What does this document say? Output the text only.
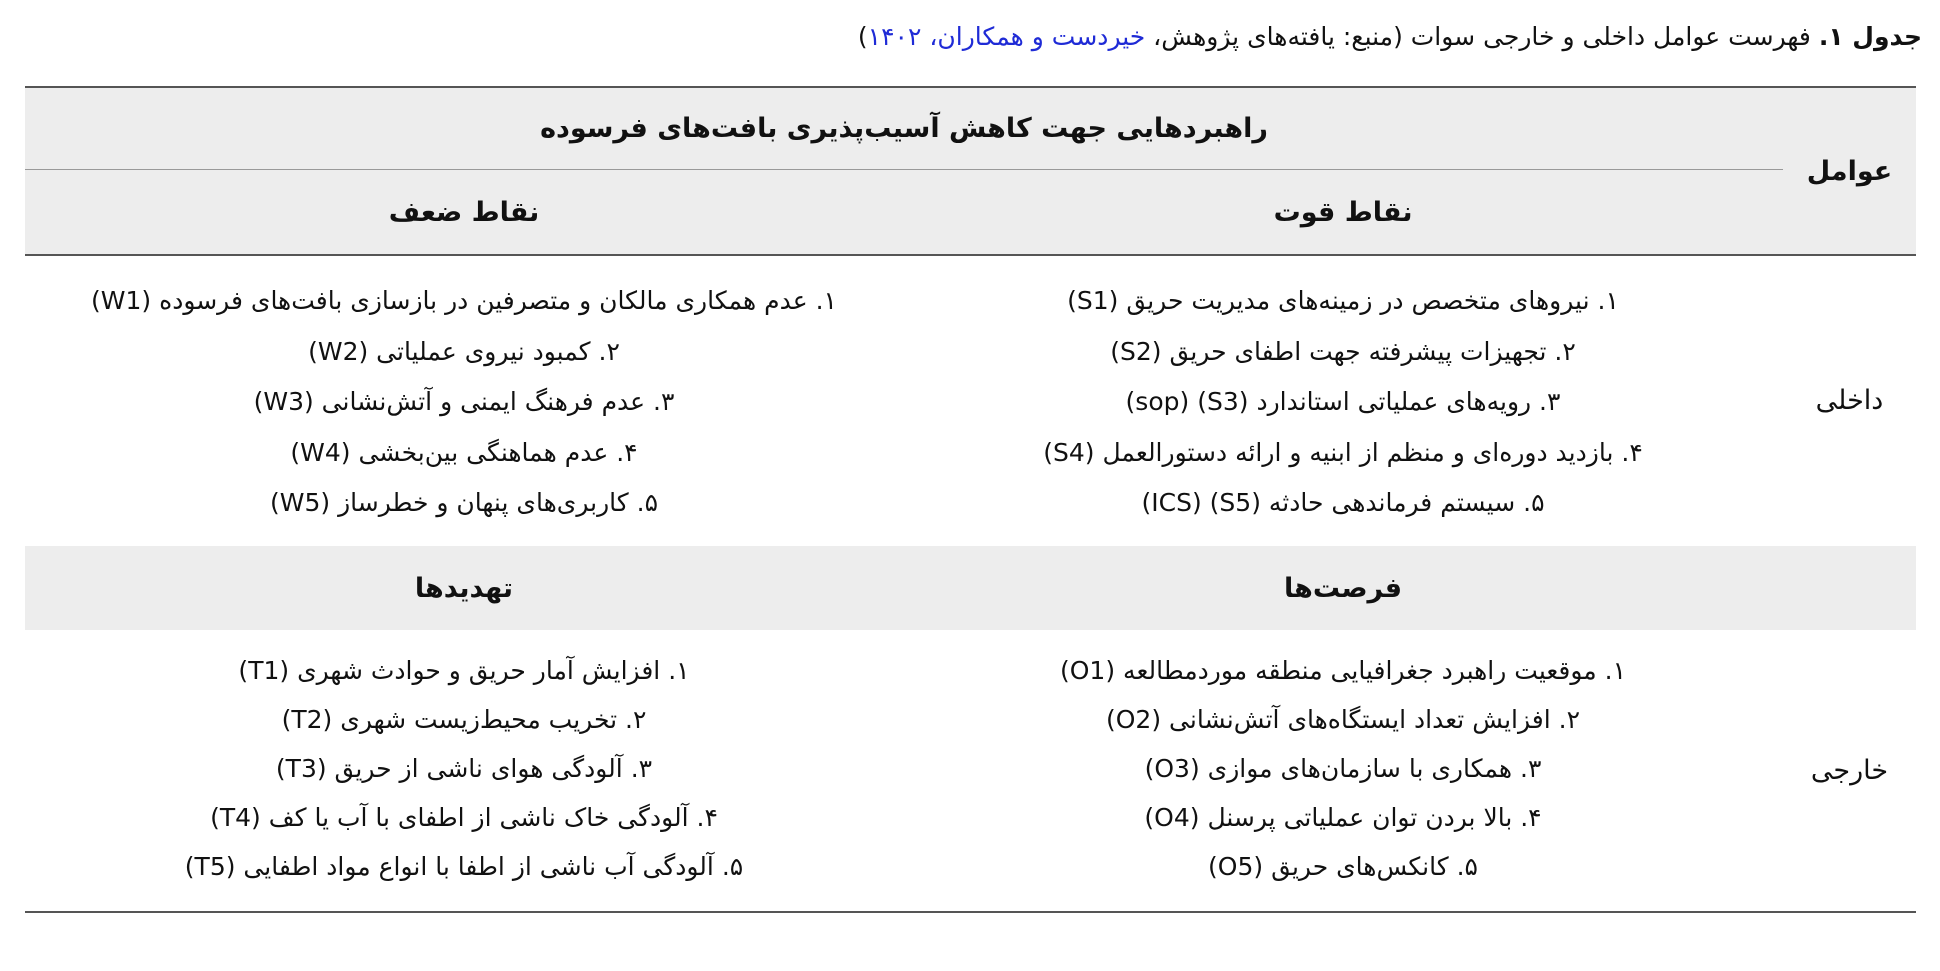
جدول ۱. فهرست عوامل داخلی و خارجی سوات (منبع: یافته‌های پژوهش، خیردست و همکاران، ۱۴۰۲)
عوامل
راهبردهایی جهت کاهش آسیب‌پذیری بافت‌های فرسوده
نقاط قوت
نقاط ضعف
داخلی
۱. نیروهای متخصص در زمینه‌های مدیریت حریق (S1)
۲. تجهیزات پیشرفته جهت اطفای حریق (S2)
۳. رویه‌های عملیاتی استاندارد (S3) (sop)
۴. بازدید دوره‌ای و منظم از ابنیه و ارائه دستورالعمل (S4)
۵. سیستم فرماندهی حادثه (S5) (ICS)
۱. عدم همکاری مالکان و متصرفین در بازسازی بافت‌های فرسوده (W1)
۲. کمبود نیروی عملیاتی (W2)
۳. عدم فرهنگ ایمنی و آتش‌نشانی (W3)
۴. عدم هماهنگی بین‌بخشی (W4)
۵. کاربری‌های پنهان و خطرساز (W5)
فرصت‌ها
تهدیدها
خارجی
۱. موقعیت راهبرد جغرافیایی منطقه موردمطالعه (O1)
۲. افزایش تعداد ایستگاه‌های آتش‌نشانی (O2)
۳. همکاری با سازمان‌های موازی (O3)
۴. بالا بردن توان عملیاتی پرسنل (O4)
۵. کانکس‌های حریق (O5)
۱. افزایش آمار حریق و حوادث شهری (T1)
۲. تخریب محیط‌زیست شهری (T2)
۳. آلودگی هوای ناشی از حریق (T3)
۴. آلودگی خاک ناشی از اطفای با آب یا کف (T4)
۵. آلودگی آب ناشی از اطفا با انواع مواد اطفایی (T5)
